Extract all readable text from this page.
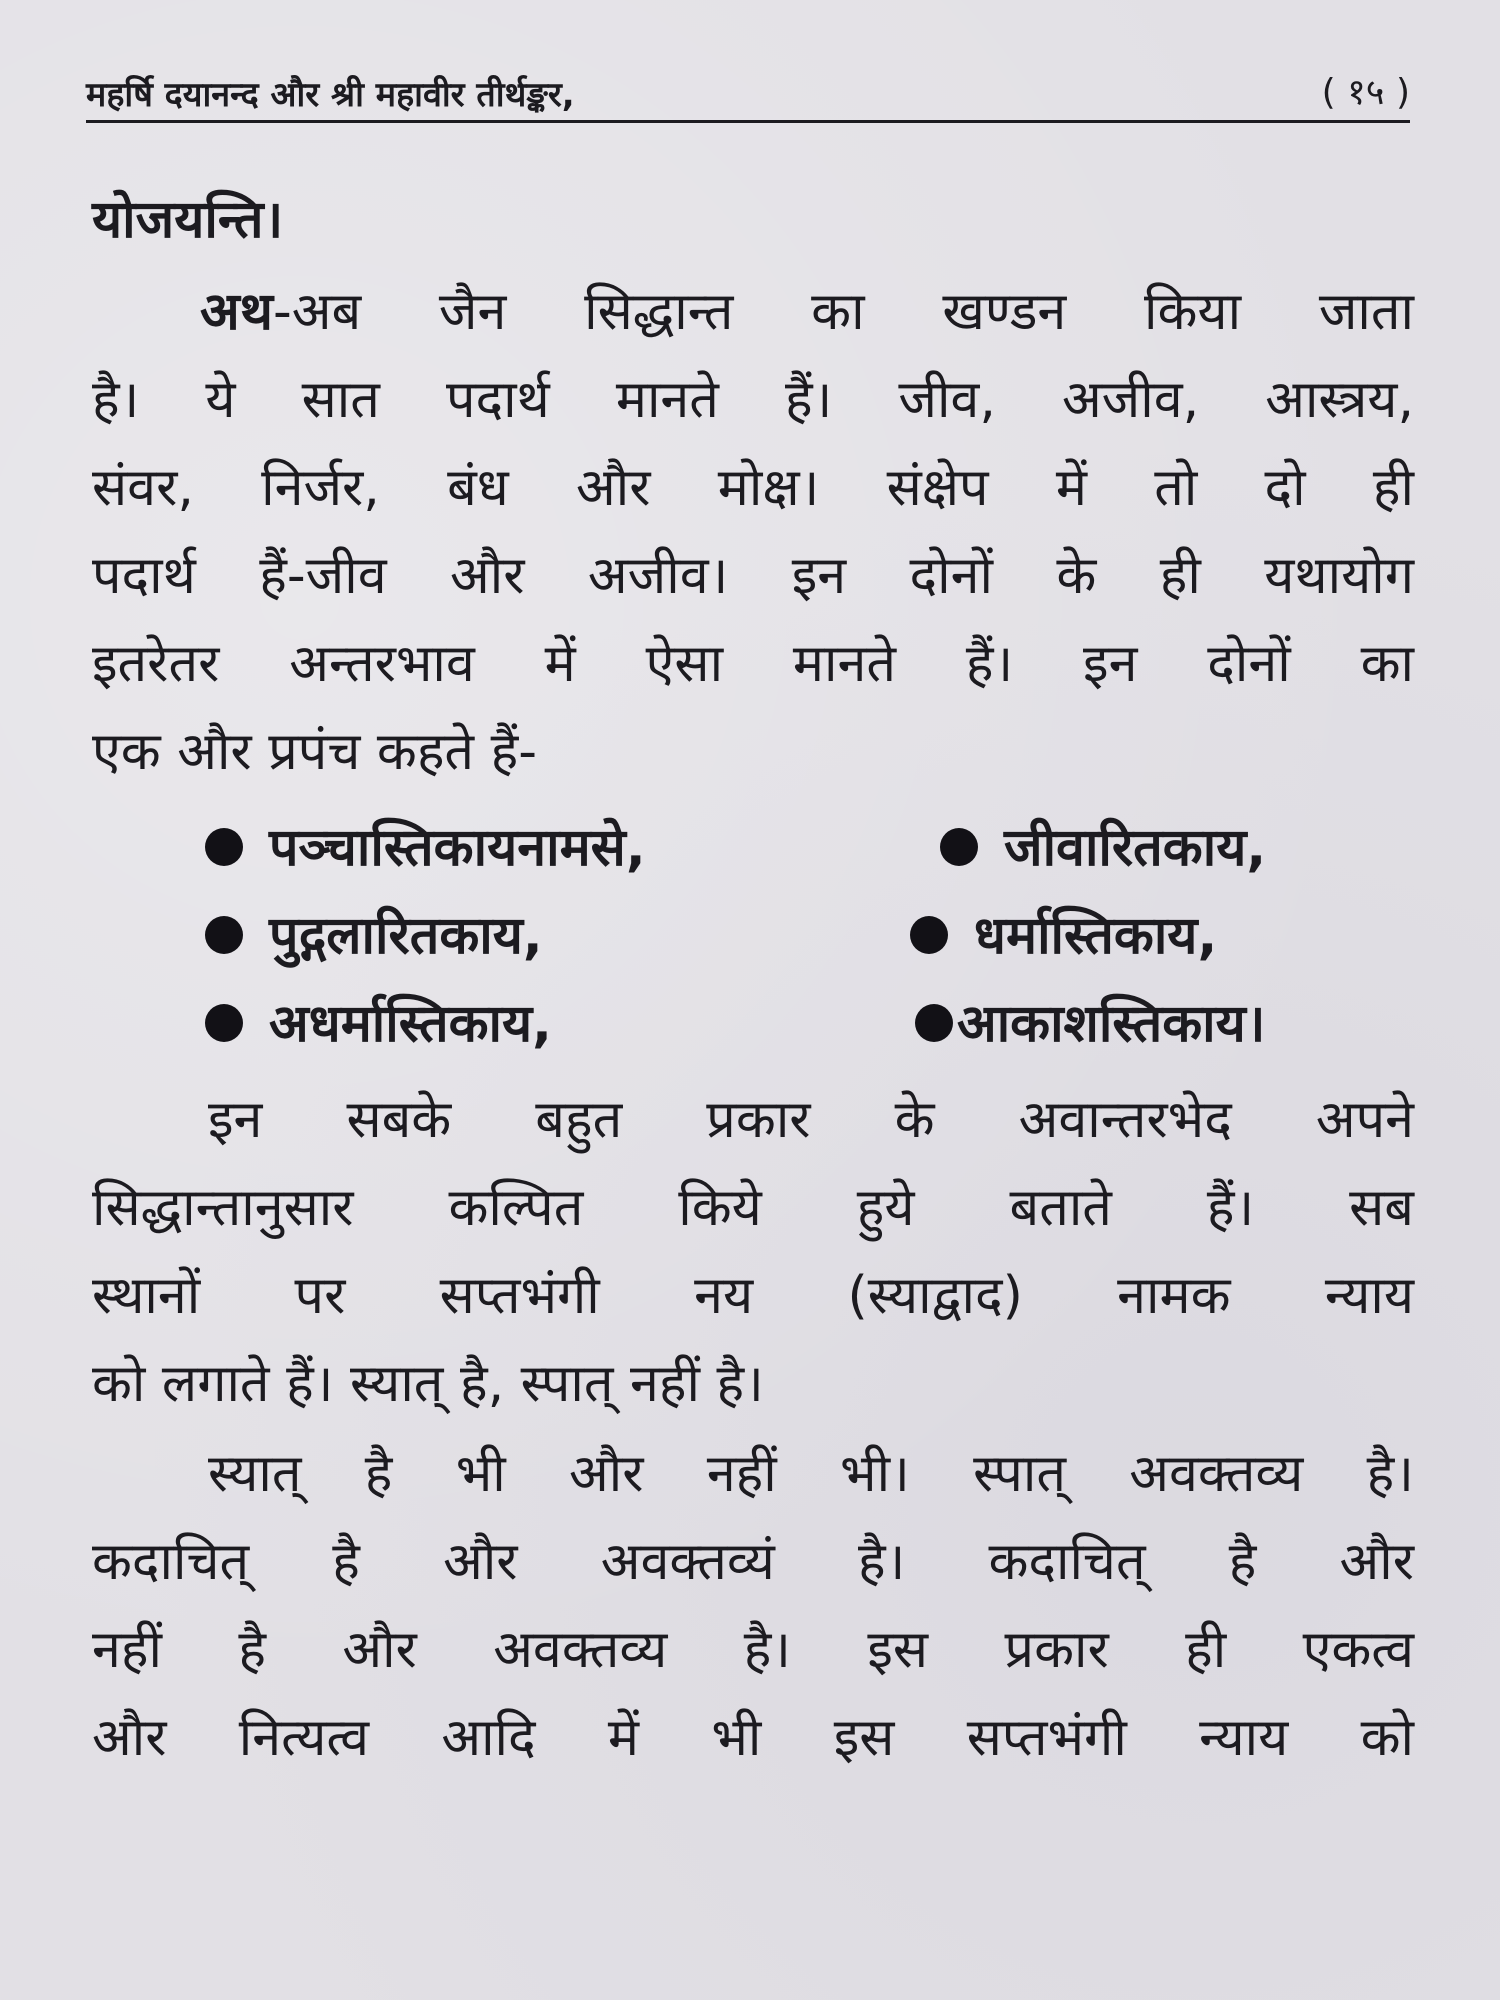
महर्षि दयानन्द और श्री महावीर तीर्थङ्कर,	( १५ )

योजयन्ति।

अथ-अब जैन सिद्धान्त का खण्डन किया जाता

है। ये सात पदार्थ मानते हैं। जीव, अजीव, आस्त्रय,

संवर, निर्जर, बंध और मोक्ष। संक्षेप में तो दो ही

पदार्थ हैं-जीव और अजीव। इन दोनों के ही यथायोग

इतरेतर अन्तरभाव में ऐसा मानते हैं। इन दोनों का

एक और प्रपंच कहते हैं-

पञ्चास्तिकायनामसे,	जीवारितकाय,
पुद्गलारितकाय,	धर्मास्तिकाय,
अधर्मास्तिकाय,	आकाशस्तिकाय।

इन सबके बहुत प्रकार के अवान्तरभेद अपने

सिद्धान्तानुसार कल्पित किये हुये बताते हैं। सब

स्थानों पर सप्तभंगी नय (स्याद्वाद) नामक न्याय

को लगाते हैं। स्यात् है, स्पात् नहीं है।

स्यात् है भी और नहीं भी। स्पात् अवक्तव्य है।

कदाचित् है और अवक्तव्यं है। कदाचित् है और

नहीं है और अवक्तव्य है। इस प्रकार ही एकत्व

और नित्यत्व आदि में भी इस सप्तभंगी न्याय को
